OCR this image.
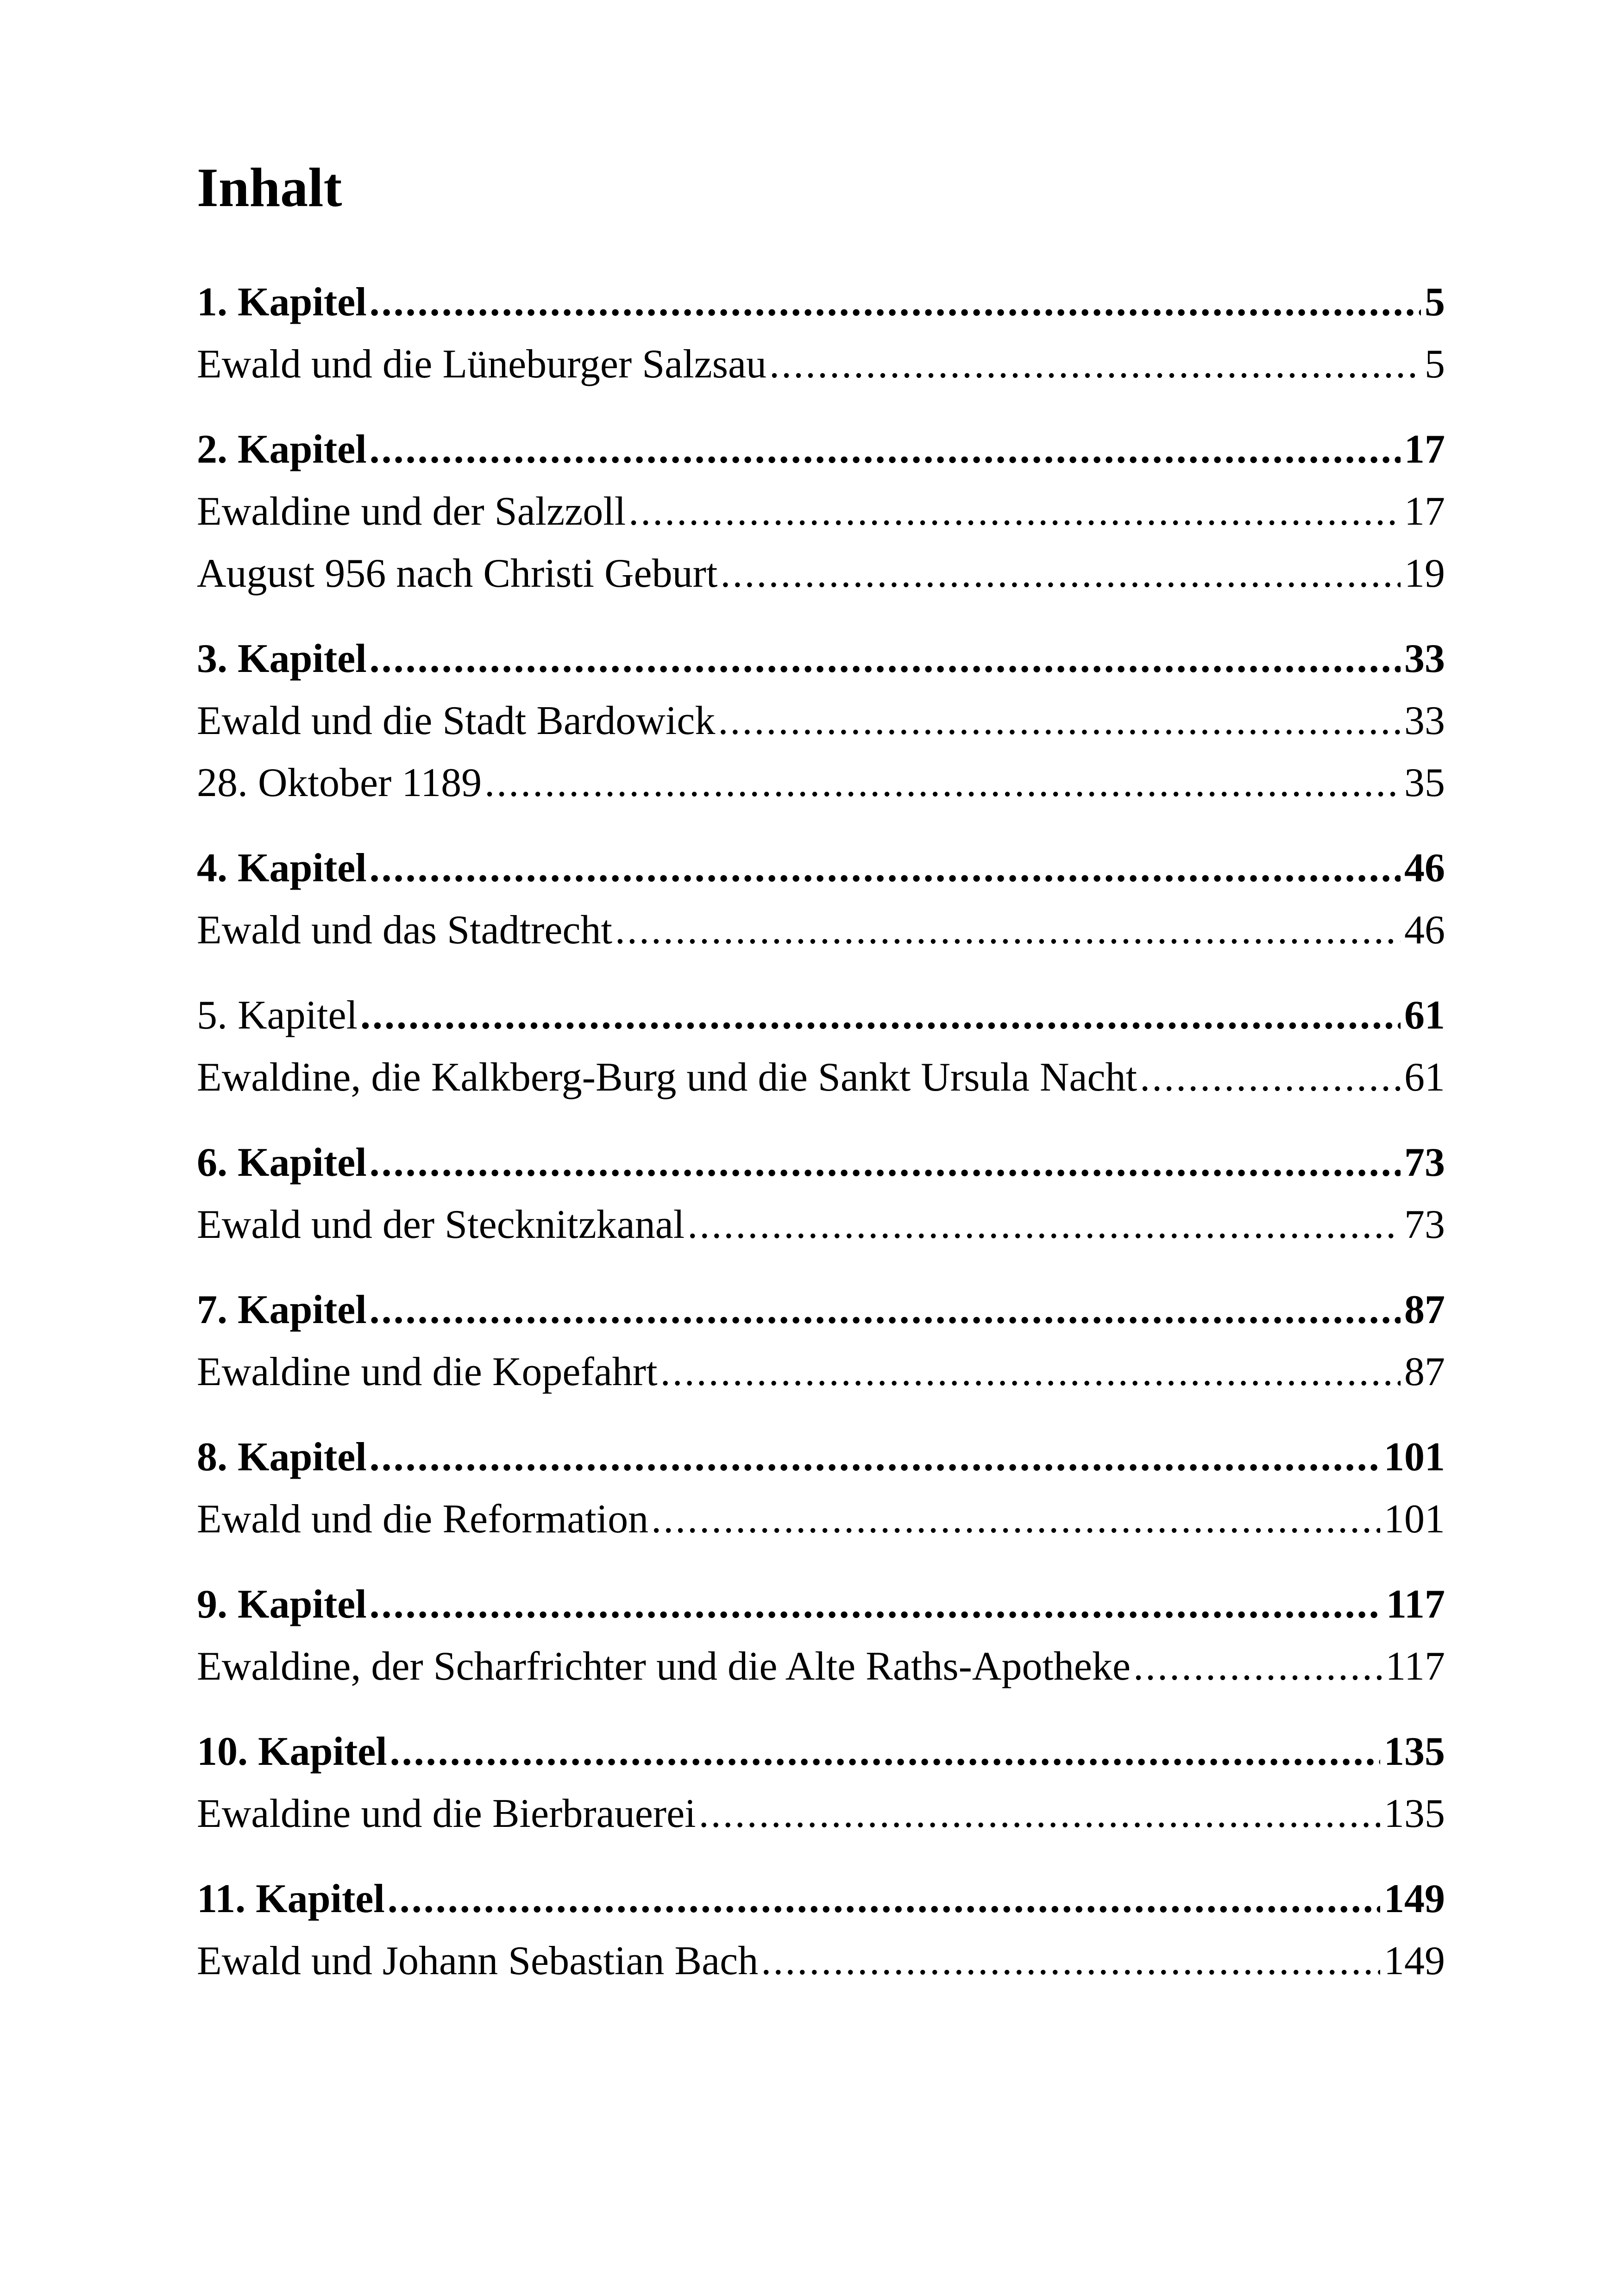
Inhalt
1. Kapitel .....	5
Ewald und die Lüneburger Salzsau .....	5
2. Kapitel .....	17
Ewaldine und der Salzzoll .....	17
August 956 nach Christi Geburt .....	19
3. Kapitel .....	33
Ewald und die Stadt Bardowick .....	33
28. Oktober 1189 .....	35
4. Kapitel .....	46
Ewald und das Stadtrecht .....	46
5. Kapitel .....	61
Ewaldine, die Kalkberg-Burg und die Sankt Ursula Nacht .....	61
6. Kapitel .....	73
Ewald und der Stecknitzkanal .....	73
7. Kapitel .....	87
Ewaldine und die Kopefahrt .....	87
8. Kapitel .....	101
Ewald und die Reformation .....	101
9. Kapitel .....	117
Ewaldine, der Scharfrichter und die Alte Raths-Apotheke .....	117
10. Kapitel .....	135
Ewaldine und die Bierbrauerei .....	135
11. Kapitel .....	149
Ewald und Johann Sebastian Bach .....	149
